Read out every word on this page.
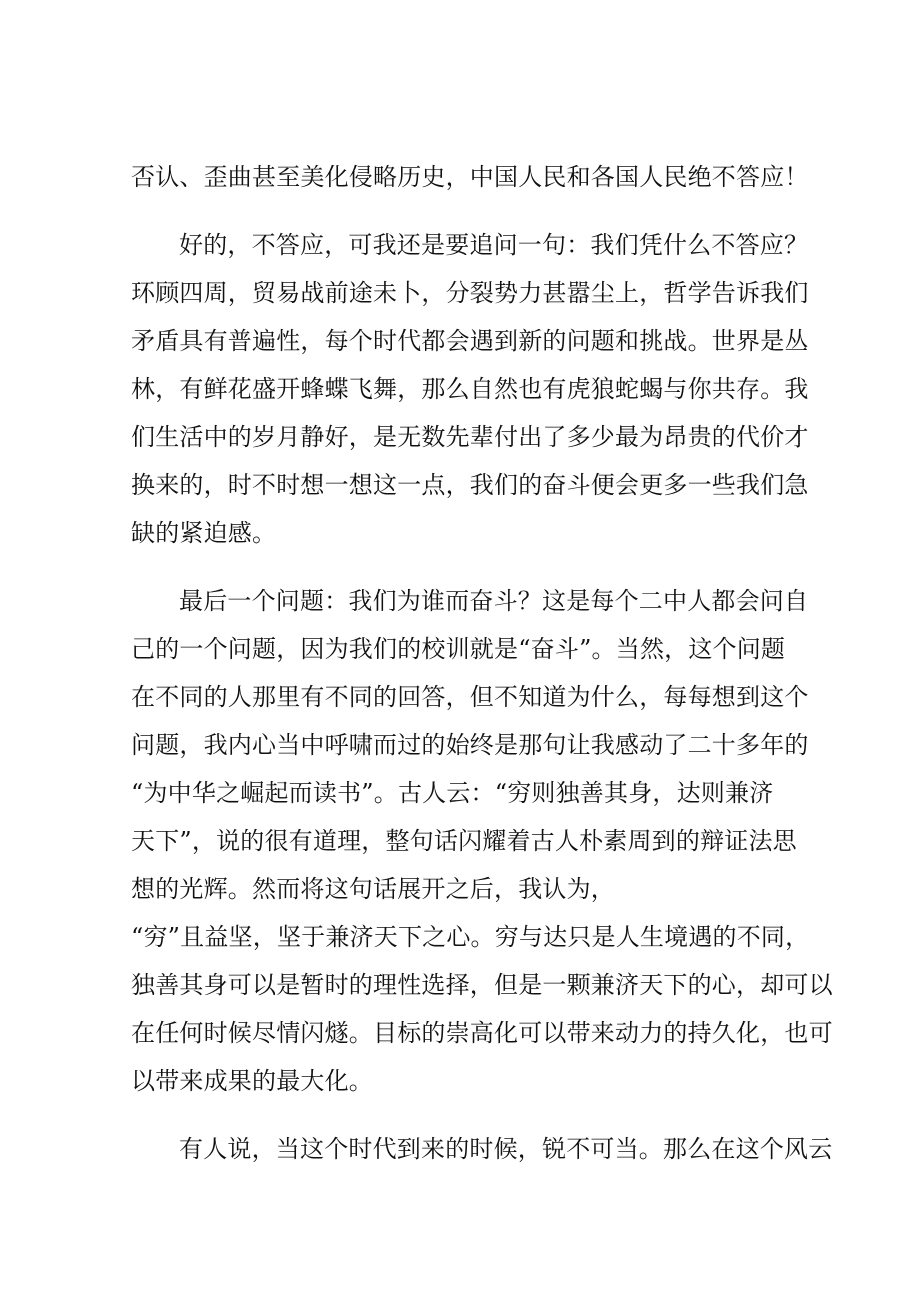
否认、歪曲甚至美化侵略历史，中国人民和各国人民绝不答应！
好的，不答应，可我还是要追问一句：我们凭什么不答应？
环顾四周，贸易战前途未卜，分裂势力甚嚣尘上，哲学告诉我们
矛盾具有普遍性，每个时代都会遇到新的问题和挑战。世界是丛
林，有鲜花盛开蜂蝶飞舞，那么自然也有虎狼蛇蝎与你共存。我
们生活中的岁月静好，是无数先辈付出了多少最为昂贵的代价才
换来的，时不时想一想这一点，我们的奋斗便会更多一些我们急
缺的紧迫感。
最后一个问题：我们为谁而奋斗？这是每个二中人都会问自
己的一个问题，因为我们的校训就是“奋斗”。当然，这个问题
在不同的人那里有不同的回答，但不知道为什么，每每想到这个
问题，我内心当中呼啸而过的始终是那句让我感动了二十多年的
“为中华之崛起而读书”。古人云：“穷则独善其身，达则兼济
天下”，说的很有道理，整句话闪耀着古人朴素周到的辩证法思
想的光辉。然而将这句话展开之后，我认为，
“穷”且益坚，坚于兼济天下之心。穷与达只是人生境遇的不同，
独善其身可以是暂时的理性选择，但是一颗兼济天下的心，却可以
在任何时候尽情闪燧。目标的崇高化可以带来动力的持久化，也可
以带来成果的最大化。
有人说，当这个时代到来的时候，锐不可当。那么在这个风云
